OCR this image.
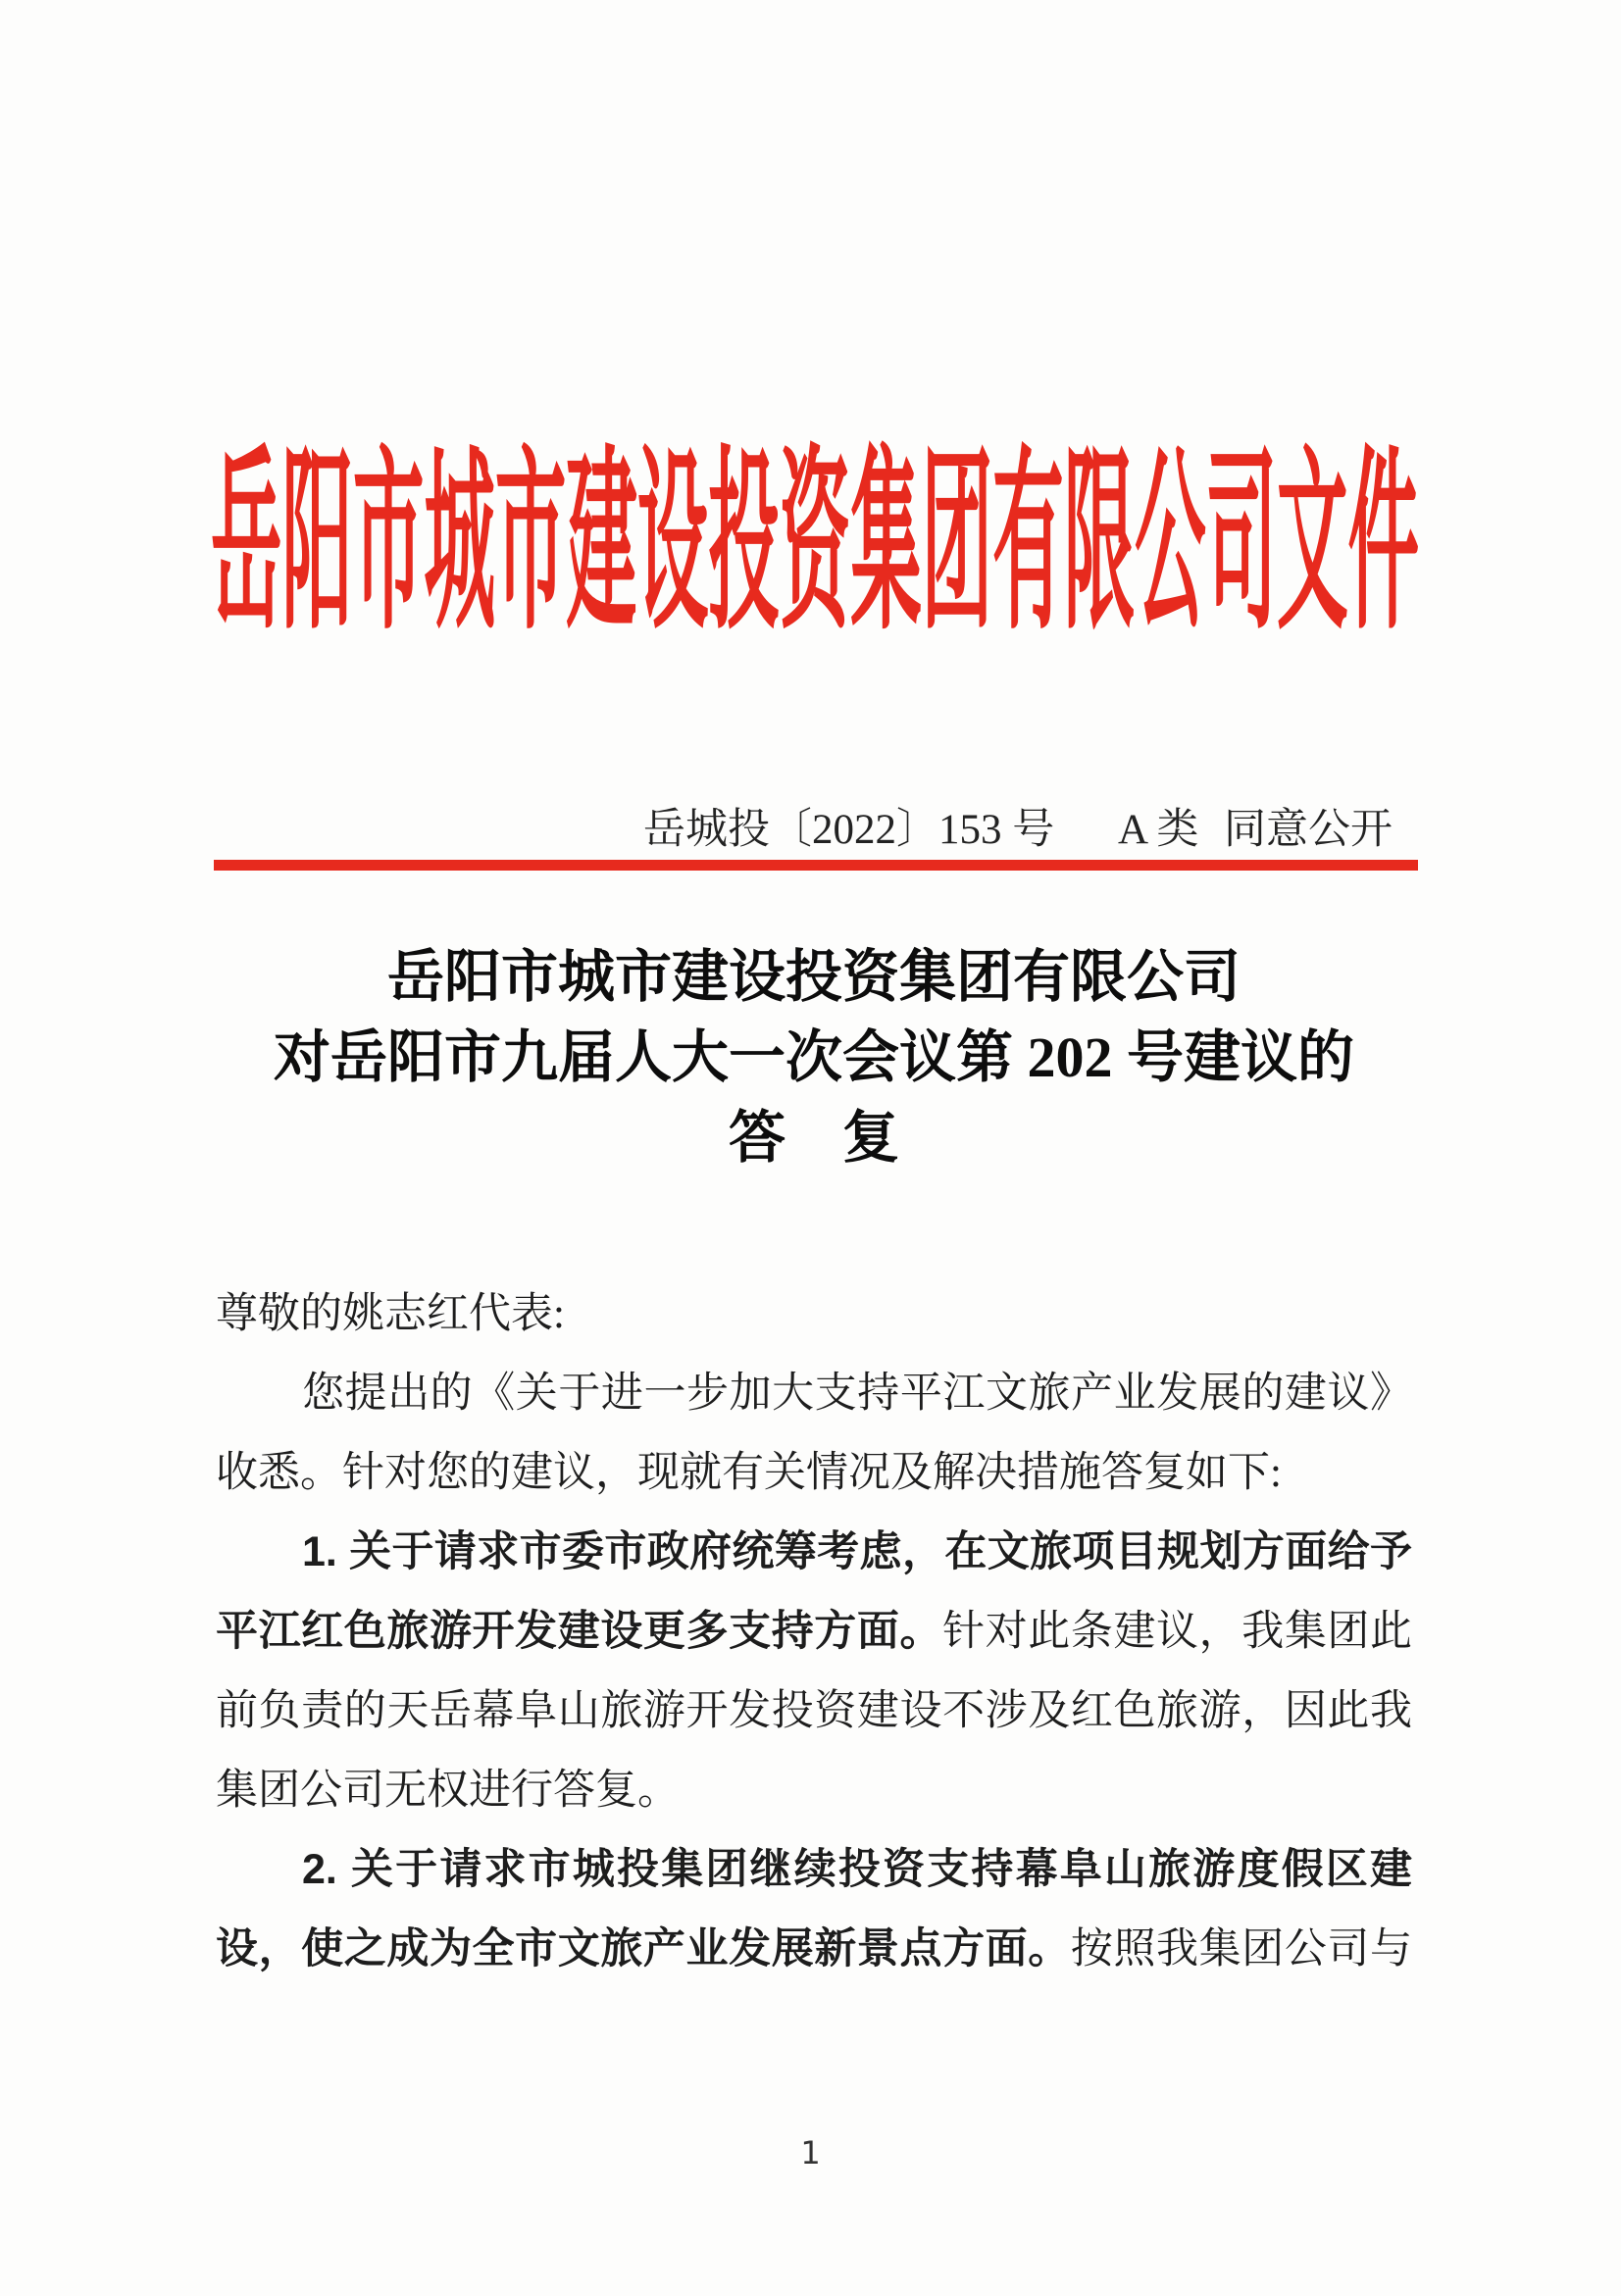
岳阳市城市建设投资集团有限公司文件
岳城投〔2022〕153 号 A 类 同意公开
岳阳市城市建设投资集团有限公司
对岳阳市九届人大一次会议第 202 号建议的
答　复
尊敬的姚志红代表:
您提出的《关于进一步加大支持平江文旅产业发展的建议》
收悉。针对您的建议，现就有关情况及解决措施答复如下:
1. 关于请求市委市政府统筹考虑，在文旅项目规划方面给予
平江红色旅游开发建设更多支持方面。针对此条建议，我集团此
前负责的天岳幕阜山旅游开发投资建设不涉及红色旅游，因此我
集团公司无权进行答复。
2. 关于请求市城投集团继续投资支持幕阜山旅游度假区建
设，使之成为全市文旅产业发展新景点方面。按照我集团公司与
1
